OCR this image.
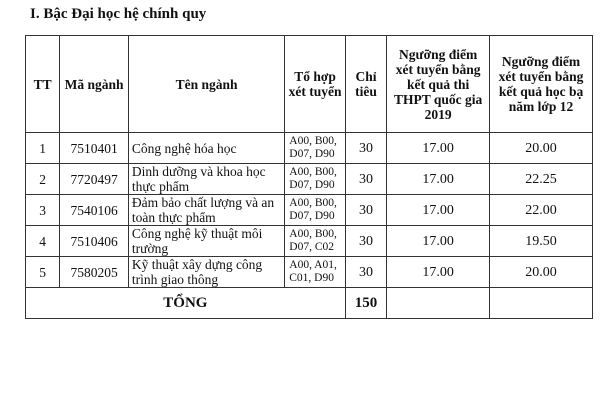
I. Bậc Đại học hệ chính quy
TT	Mã ngành	Tên ngành	Tổ hợp xét tuyển	Chỉ tiêu	Ngưỡng điểm xét tuyển bằng kết quả thi THPT quốc gia 2019	Ngưỡng điểm xét tuyển bằng kết quả học bạ năm lớp 12
1	7510401	Công nghệ hóa học	A00, B00, D07, D90	30	17.00	20.00
2	7720497	Dinh dưỡng và khoa học thực phẩm	A00, B00, D07, D90	30	17.00	22.25
3	7540106	Đảm bảo chất lượng và an toàn thực phẩm	A00, B00, D07, D90	30	17.00	22.00
4	7510406	Công nghệ kỹ thuật môi trường	A00, B00, D07, C02	30	17.00	19.50
5	7580205	Kỹ thuật xây dựng công trình giao thông	A00, A01, C01, D90	30	17.00	20.00
TỔNG				150		
